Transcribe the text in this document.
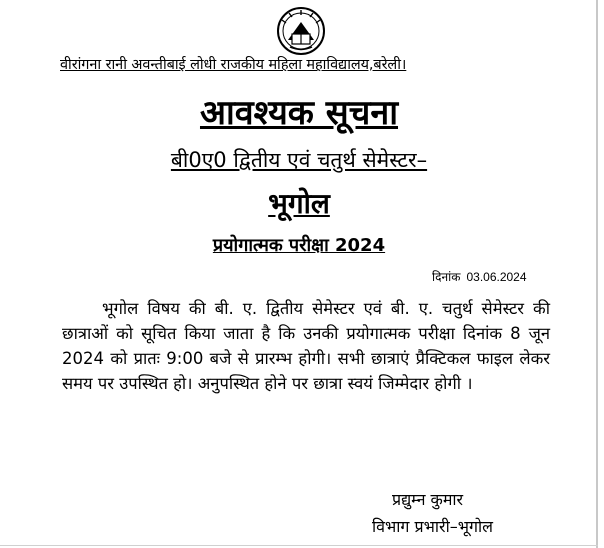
वीरांगना रानी अवन्तीबाई लोधी राजकीय महिला महाविद्यालय,बरेली।
आवश्यक सूचना
बी0ए0 द्वितीय एवं चतुर्थ सेमेस्टर–
भूगोल
प्रयोगात्मक परीक्षा 2024
दिनांक 03.06.2024

भूगोल विषय की बी. ए. द्वितीय सेमेस्टर एवं बी. ए. चतुर्थ सेमेस्टर की छात्राओं को सूचित किया जाता है कि उनकी प्रयोगात्मक परीक्षा दिनांक 8 जून 2024 को प्रातः 9:00 बजे से प्रारम्भ होगी। सभी छात्राएं प्रैक्टिकल फाइल लेकर समय पर उपस्थित हो। अनुपस्थित होने पर छात्रा स्वयं जिम्मेदार होगी ।

प्रद्युम्न कुमार
विभाग प्रभारी–भूगोल
